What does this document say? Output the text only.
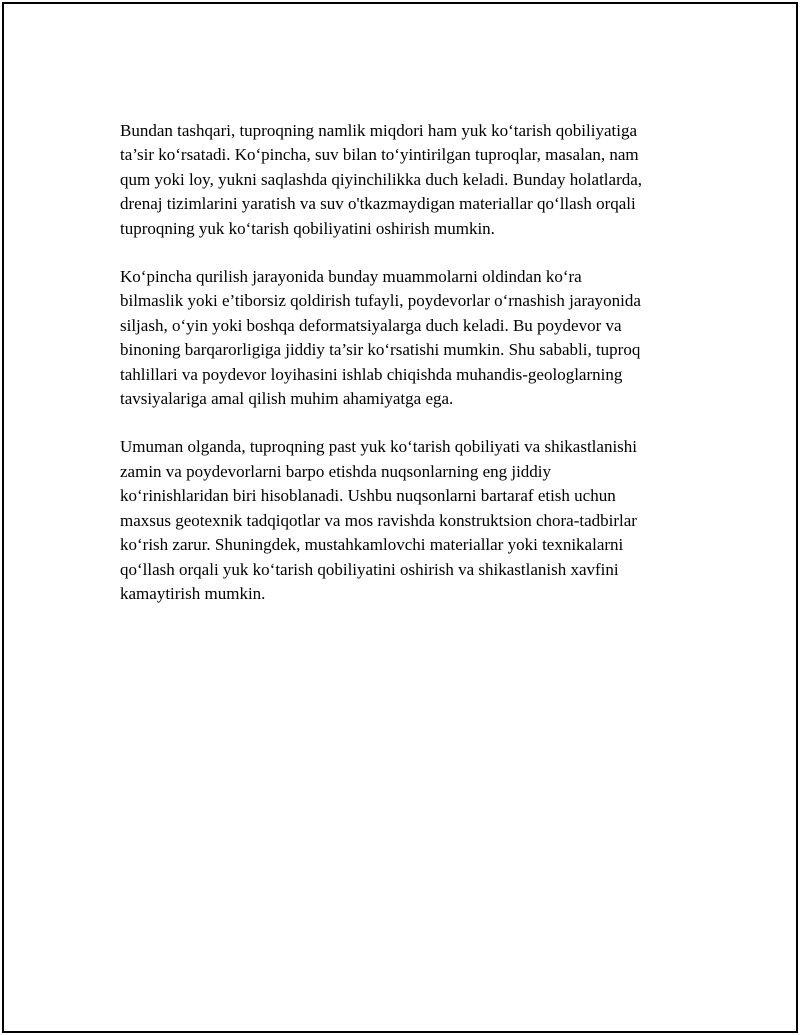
Bundan tashqari, tuproqning namlik miqdori ham yuk ko‘tarish qobiliyatiga
ta’sir ko‘rsatadi. Ko‘pincha, suv bilan to‘yintirilgan tuproqlar, masalan, nam
qum yoki loy, yukni saqlashda qiyinchilikka duch keladi. Bunday holatlarda,
drenaj tizimlarini yaratish va suv o'tkazmaydigan materiallar qo‘llash orqali
tuproqning yuk ko‘tarish qobiliyatini oshirish mumkin.

Ko‘pincha qurilish jarayonida bunday muammolarni oldindan ko‘ra
bilmaslik yoki e’tiborsiz qoldirish tufayli, poydevorlar o‘rnashish jarayonida
siljash, o‘yin yoki boshqa deformatsiyalarga duch keladi. Bu poydevor va
binoning barqarorligiga jiddiy ta’sir ko‘rsatishi mumkin. Shu sababli, tuproq
tahlillari va poydevor loyihasini ishlab chiqishda muhandis-geologlarning
tavsiyalariga amal qilish muhim ahamiyatga ega.

Umuman olganda, tuproqning past yuk ko‘tarish qobiliyati va shikastlanishi
zamin va poydevorlarni barpo etishda nuqsonlarning eng jiddiy
ko‘rinishlaridan biri hisoblanadi. Ushbu nuqsonlarni bartaraf etish uchun
maxsus geotexnik tadqiqotlar va mos ravishda konstruktsion chora-tadbirlar
ko‘rish zarur. Shuningdek, mustahkamlovchi materiallar yoki texnikalarni
qo‘llash orqali yuk ko‘tarish qobiliyatini oshirish va shikastlanish xavfini
kamaytirish mumkin.
